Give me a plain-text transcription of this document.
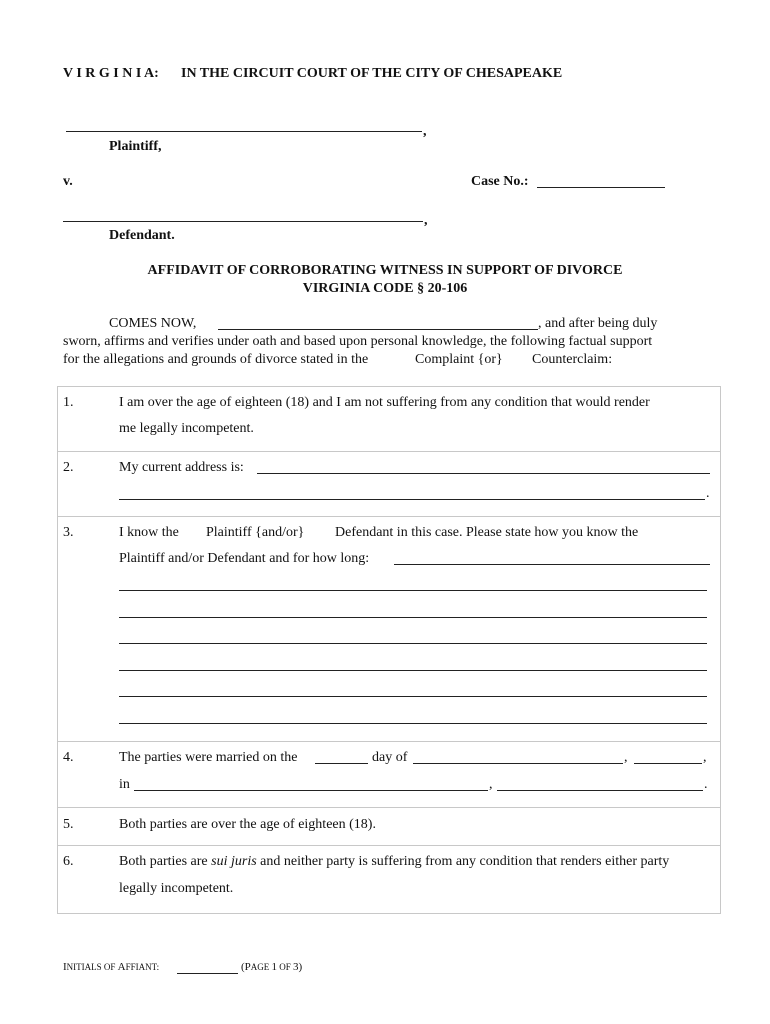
V I R G I N I A: IN THE CIRCUIT COURT OF THE CITY OF CHESAPEAKE
,
Plaintiff,
v.	Case No.:
,
Defendant.
AFFIDAVIT OF CORROBORATING WITNESS IN SUPPORT OF DIVORCE
VIRGINIA CODE § 20-106
COMES NOW,	, and after being duly
sworn, affirms and verifies under oath and based upon personal knowledge, the following factual support
for the allegations and grounds of divorce stated in the	Complaint {or} Counterclaim:
1.	I am over the age of eighteen (18) and I am not suffering from any condition that would render
me legally incompetent.
2.	My current address is:
.
3.	I know the Plaintiff {and/or} Defendant in this case. Please state how you know the
Plaintiff and/or Defendant and for how long:
4.	The parties were married on the	day of	,	,
in	,	.
5.	Both parties are over the age of eighteen (18).
6.	Both parties are sui juris and neither party is suffering from any condition that renders either party
legally incompetent.
INITIALS OF AFFIANT:	(PAGE 1 OF 3)
